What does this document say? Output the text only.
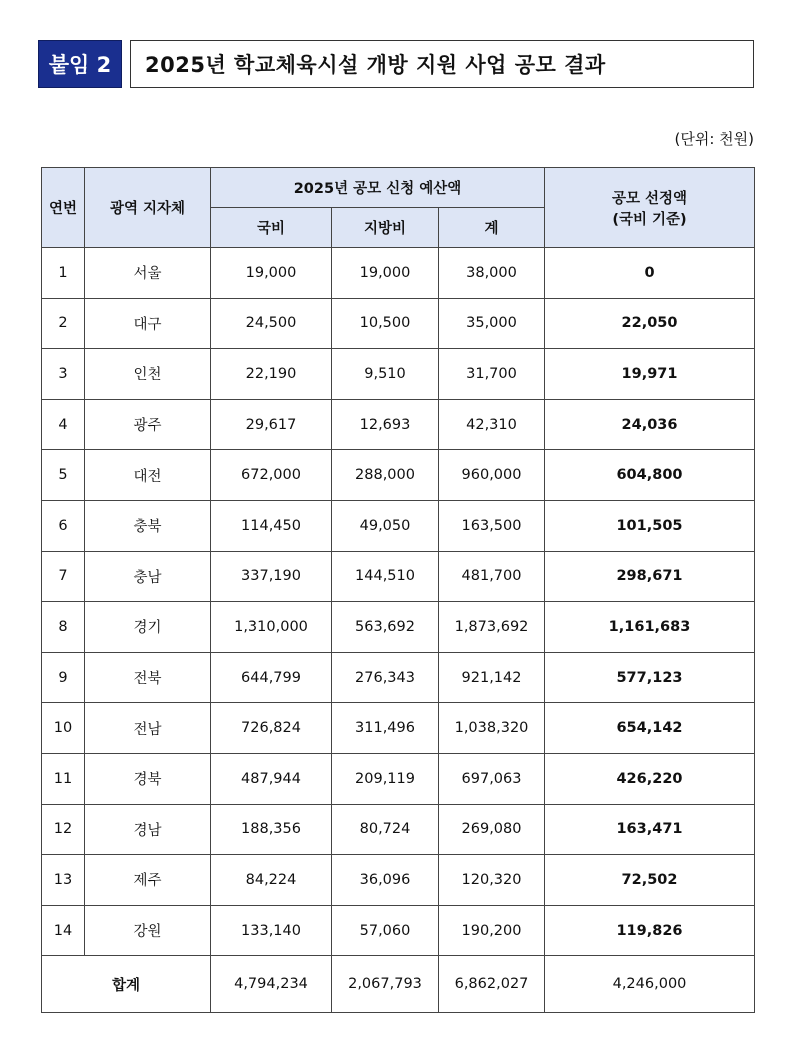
붙임 2	2025년 학교체육시설 개방 지원 사업 공모 결과
(단위: 천원)
연번	광역 지자체	2025년 공모 신청 예산액			공모 선정액
(국비 기준)

		국비	지방비	계	
1	서울	19,000	19,000	38,000	0
2	대구	24,500	10,500	35,000	22,050
3	인천	22,190	9,510	31,700	19,971
4	광주	29,617	12,693	42,310	24,036
5	대전	672,000	288,000	960,000	604,800
6	충북	114,450	49,050	163,500	101,505
7	충남	337,190	144,510	481,700	298,671
8	경기	1,310,000	563,692	1,873,692	1,161,683
9	전북	644,799	276,343	921,142	577,123
10	전남	726,824	311,496	1,038,320	654,142
11	경북	487,944	209,119	697,063	426,220
12	경남	188,356	80,724	269,080	163,471
13	제주	84,224	36,096	120,320	72,502
14	강원	133,140	57,060	190,200	119,826
합계		4,794,234	2,067,793	6,862,027	4,246,000
